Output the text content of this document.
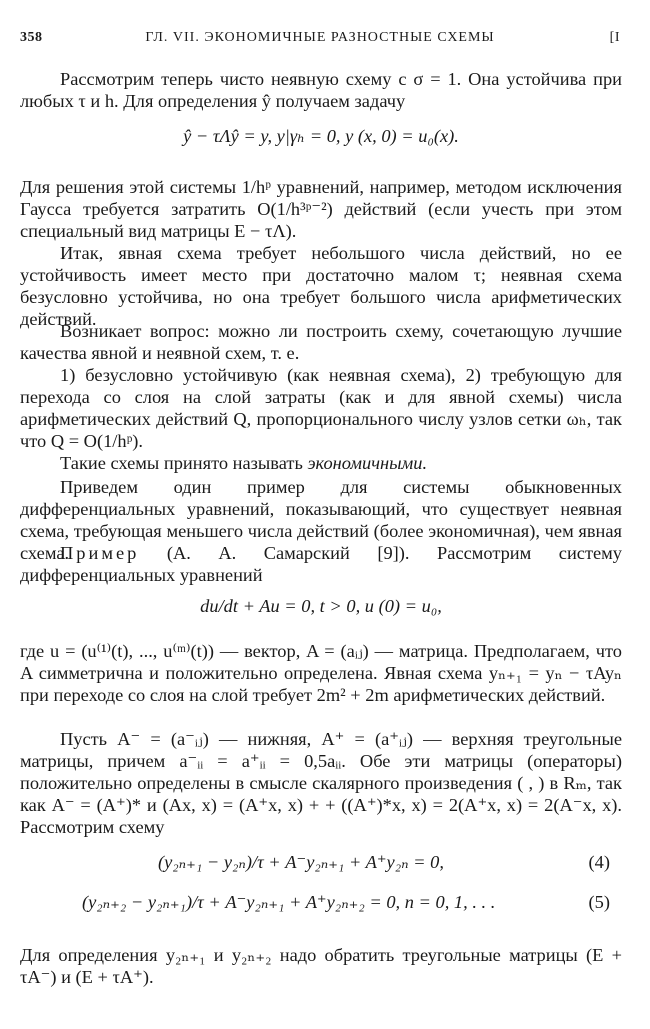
358	ГЛ. VII. ЭКОНОМИЧНЫЕ РАЗНОСТНЫЕ СХЕМЫ	[I
Рассмотрим теперь чисто неявную схему с σ = 1. Она устойчива при любых τ и h. Для определения ŷ получаем задачу
ŷ − τΛŷ = y, y|γₕ = 0, y (x, 0) = u₀(x).
Для решения этой системы 1/hᵖ уравнений, например, методом исключения Гаусса требуется затратить O(1/h³ᵖ⁻²) действий (если учесть при этом специальный вид матрицы E − τΛ).
Итак, явная схема требует небольшого числа действий, но ее устойчивость имеет место при достаточно малом τ; неявная схема безусловно устойчива, но она требует большого числа арифметических действий.
Возникает вопрос: можно ли построить схему, сочетающую лучшие качества явной и неявной схем, т. е.
1) безусловно устойчивую (как неявная схема), 2) требующую для перехода со слоя на слой затраты (как и для явной схемы) числа арифметических действий Q, пропорционального числу узлов сетки ωₕ, так что Q = O(1/hᵖ).
Такие схемы принято называть экономичными.
Приведем один пример для системы обыкновенных дифференциальных уравнений, показывающий, что существует неявная схема, требующая меньшего числа действий (более экономичная), чем явная схема.
Пример (А. А. Самарский [9]). Рассмотрим систему дифференциальных уравнений
du/dt + Au = 0, t > 0, u (0) = u₀,
где u = (u⁽¹⁾(t), ..., u⁽ᵐ⁾(t)) — вектор, A = (aᵢⱼ) — матрица. Предполагаем, что A симметрична и положительно определена. Явная схема yₙ₊₁ = yₙ − τAyₙ при переходе со слоя на слой требует 2m² + 2m арифметических действий.
Пусть A⁻ = (a⁻ᵢⱼ) — нижняя, A⁺ = (a⁺ᵢⱼ) — верхняя треугольные матрицы, причем a⁻ᵢᵢ = a⁺ᵢᵢ = 0,5aᵢᵢ. Обе эти матрицы (операторы) положительно определены в смысле скалярного произведения ( , ) в Rₘ, так как A⁻ = (A⁺)* и (Ax, x) = (A⁺x, x) + + ((A⁺)*x, x) = 2(A⁺x, x) = 2(A⁻x, x). Рассмотрим схему
(y₂ₙ₊₁ − y₂ₙ)/τ + A⁻y₂ₙ₊₁ + A⁺y₂ₙ = 0,	(4)
(y₂ₙ₊₂ − y₂ₙ₊₁)/τ + A⁻y₂ₙ₊₁ + A⁺y₂ₙ₊₂ = 0, n = 0, 1, . . .	(5)
Для определения y₂ₙ₊₁ и y₂ₙ₊₂ надо обратить треугольные матрицы (E + τA⁻) и (E + τA⁺).
